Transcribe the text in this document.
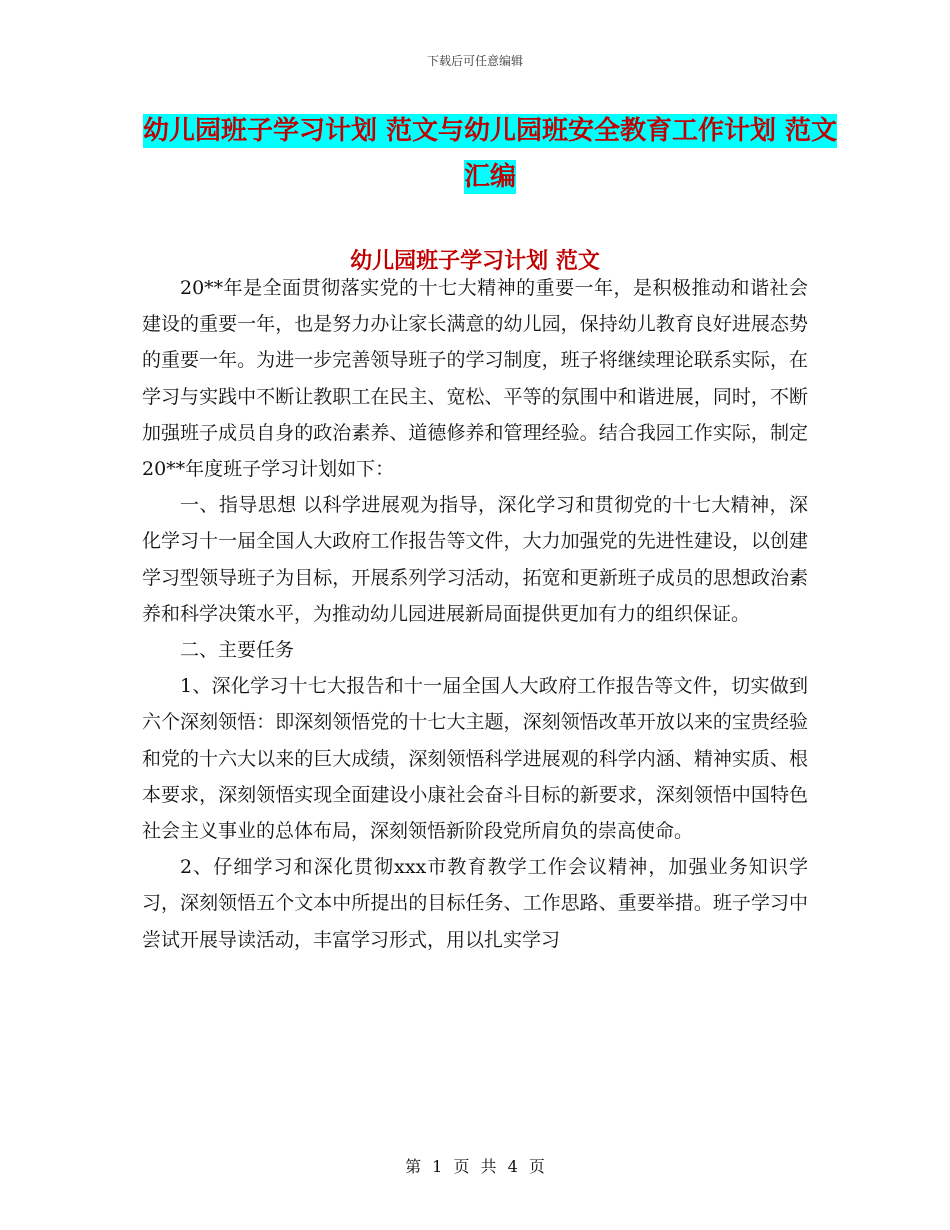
下载后可任意编辑
幼儿园班子学习计划 范文与幼儿园班安全教育工作计划 范文汇编
幼儿园班子学习计划 范文

20**年是全面贯彻落实党的十七大精神的重要一年，是积极推动和谐社会建设的重要一年，也是努力办让家长满意的幼儿园，保持幼儿教育良好进展态势的重要一年。为进一步完善领导班子的学习制度，班子将继续理论联系实际，在学习与实践中不断让教职工在民主、宽松、平等的氛围中和谐进展，同时，不断加强班子成员自身的政治素养、道德修养和管理经验。结合我园工作实际，制定20**年度班子学习计划如下：

一、指导思想 以科学进展观为指导，深化学习和贯彻党的十七大精神，深化学习十一届全国人大政府工作报告等文件，大力加强党的先进性建设，以创建学习型领导班子为目标，开展系列学习活动，拓宽和更新班子成员的思想政治素养和科学决策水平，为推动幼儿园进展新局面提供更加有力的组织保证。

二、主要任务

1、深化学习十七大报告和十一届全国人大政府工作报告等文件，切实做到六个深刻领悟：即深刻领悟党的十七大主题，深刻领悟改革开放以来的宝贵经验和党的十六大以来的巨大成绩，深刻领悟科学进展观的科学内涵、精神实质、根本要求，深刻领悟实现全面建设小康社会奋斗目标的新要求，深刻领悟中国特色社会主义事业的总体布局，深刻领悟新阶段党所肩负的崇高使命。

2、仔细学习和深化贯彻xxx市教育教学工作会议精神，加强业务知识学习，深刻领悟五个文本中所提出的目标任务、工作思路、重要举措。班子学习中尝试开展导读活动，丰富学习形式，用以扎实学习

第 1 页 共 4 页
